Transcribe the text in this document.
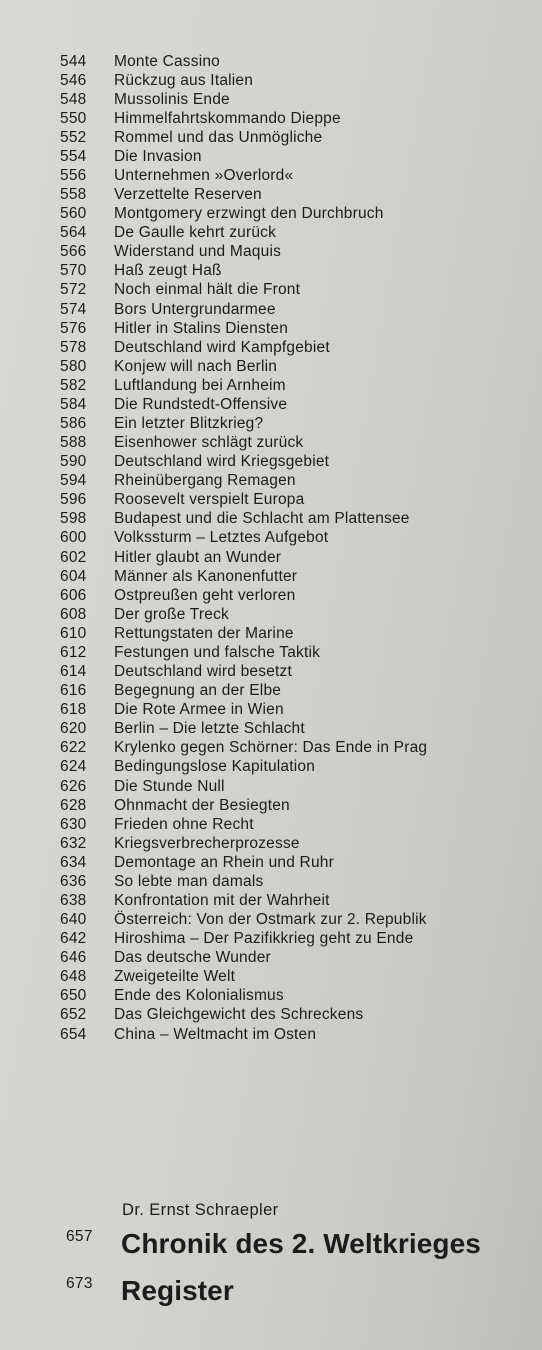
544	Monte Cassino
546	Rückzug aus Italien
548	Mussolinis Ende
550	Himmelfahrtskommando Dieppe
552	Rommel und das Unmögliche
554	Die Invasion
556	Unternehmen »Overlord«
558	Verzettelte Reserven
560	Montgomery erzwingt den Durchbruch
564	De Gaulle kehrt zurück
566	Widerstand und Maquis
570	Haß zeugt Haß
572	Noch einmal hält die Front
574	Bors Untergrundarmee
576	Hitler in Stalins Diensten
578	Deutschland wird Kampfgebiet
580	Konjew will nach Berlin
582	Luftlandung bei Arnheim
584	Die Rundstedt-Offensive
586	Ein letzter Blitzkrieg?
588	Eisenhower schlägt zurück
590	Deutschland wird Kriegsgebiet
594	Rheinübergang Remagen
596	Roosevelt verspielt Europa
598	Budapest und die Schlacht am Plattensee
600	Volkssturm – Letztes Aufgebot
602	Hitler glaubt an Wunder
604	Männer als Kanonenfutter
606	Ostpreußen geht verloren
608	Der große Treck
610	Rettungstaten der Marine
612	Festungen und falsche Taktik
614	Deutschland wird besetzt
616	Begegnung an der Elbe
618	Die Rote Armee in Wien
620	Berlin – Die letzte Schlacht
622	Krylenko gegen Schörner: Das Ende in Prag
624	Bedingungslose Kapitulation
626	Die Stunde Null
628	Ohnmacht der Besiegten
630	Frieden ohne Recht
632	Kriegsverbrecherprozesse
634	Demontage an Rhein und Ruhr
636	So lebte man damals
638	Konfrontation mit der Wahrheit
640	Österreich: Von der Ostmark zur 2. Republik
642	Hiroshima – Der Pazifikkrieg geht zu Ende
646	Das deutsche Wunder
648	Zweigeteilte Welt
650	Ende des Kolonialismus
652	Das Gleichgewicht des Schreckens
654	China – Weltmacht im Osten
Dr. Ernst Schraepler
657 Chronik des 2. Weltkrieges
673 Register
